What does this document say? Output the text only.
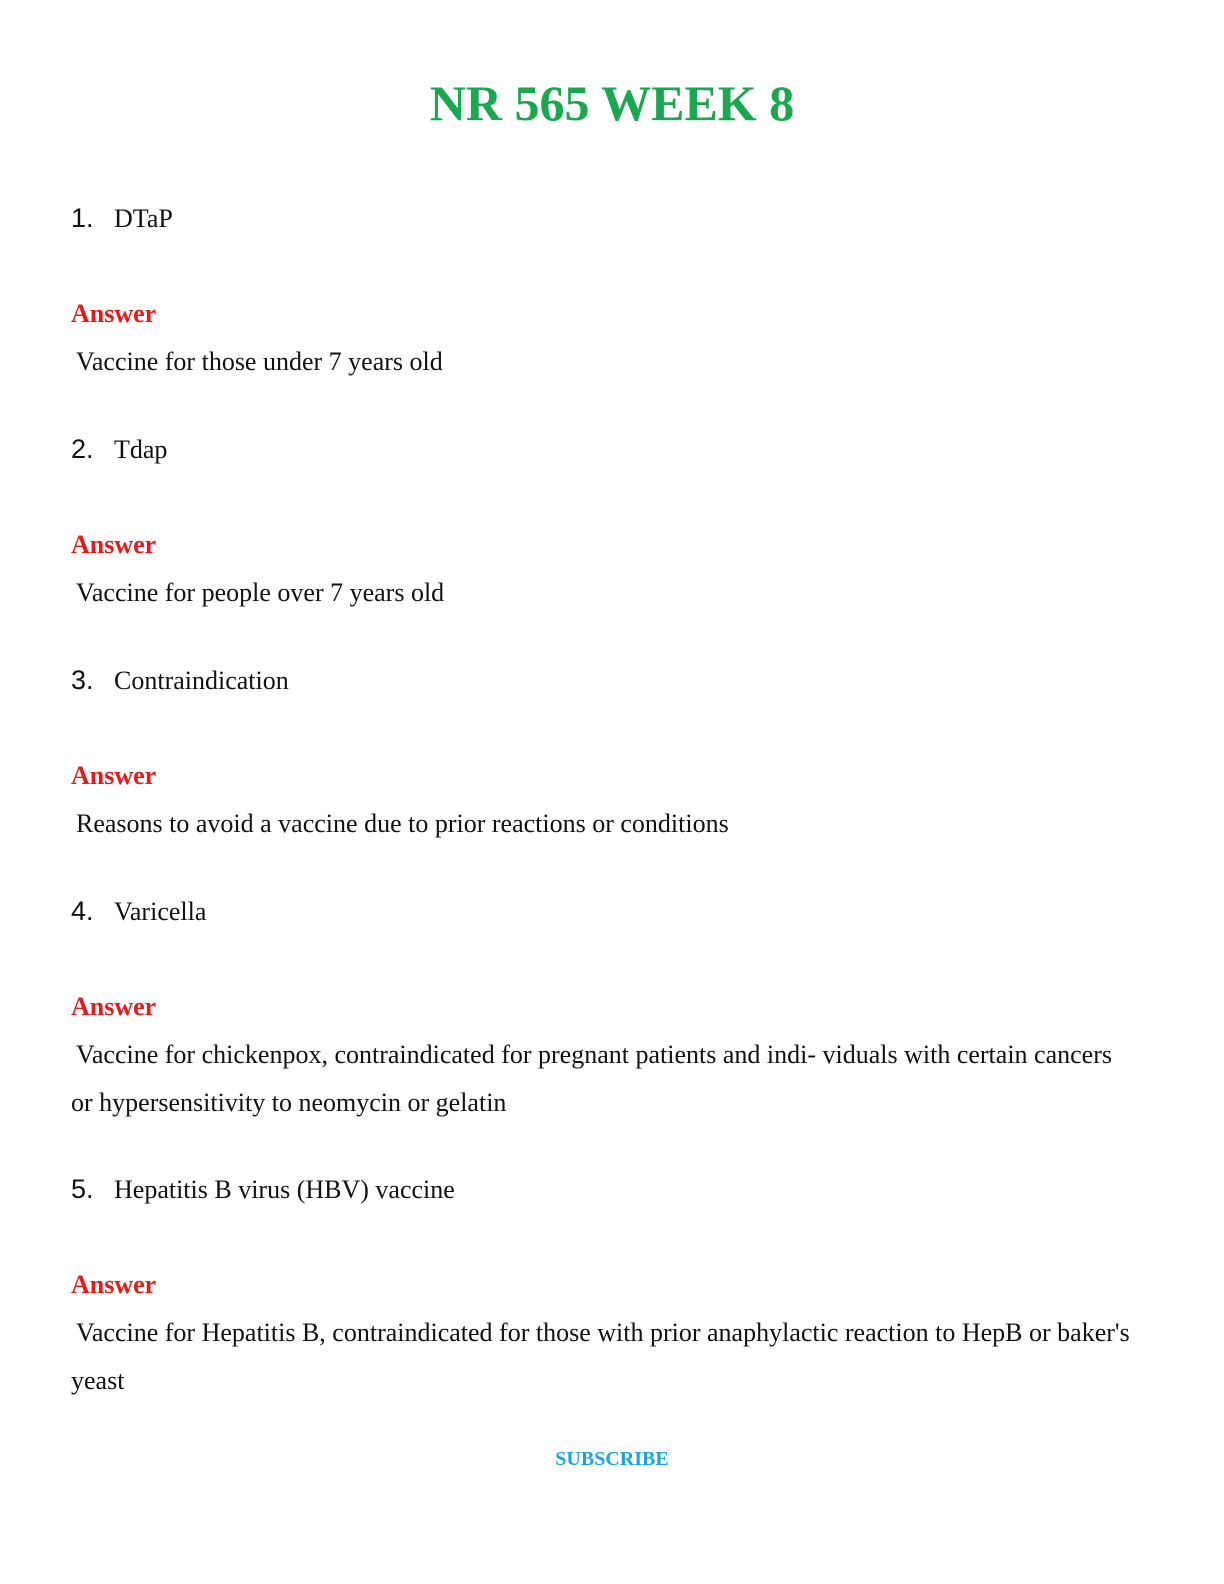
NR 565 WEEK 8
1. DTaP
Answer
Vaccine for those under 7 years old
2. Tdap
Answer
Vaccine for people over 7 years old
3. Contraindication
Answer
Reasons to avoid a vaccine due to prior reactions or conditions
4. Varicella
Answer
Vaccine for chickenpox, contraindicated for pregnant patients and indi- viduals with certain cancers or hypersensitivity to neomycin or gelatin
5. Hepatitis B virus (HBV) vaccine
Answer
Vaccine for Hepatitis B, contraindicated for those with prior anaphylactic reaction to HepB or baker's yeast
SUBSCRIBE
